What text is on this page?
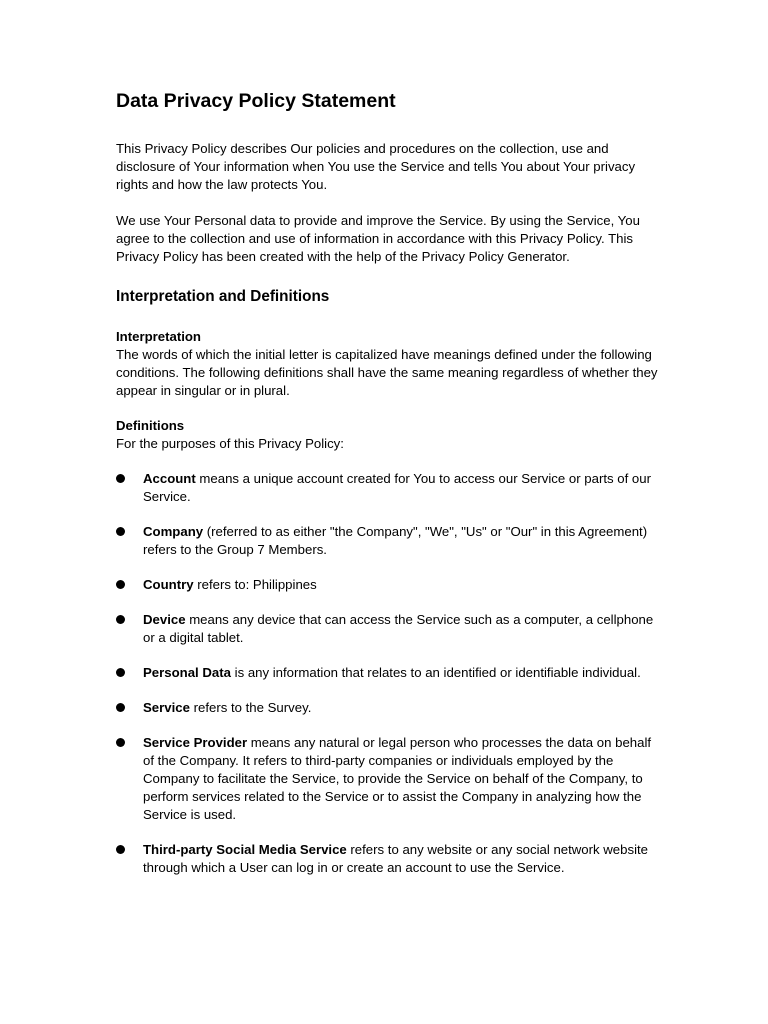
Data Privacy Policy Statement

This Privacy Policy describes Our policies and procedures on the collection, use and disclosure of Your information when You use the Service and tells You about Your privacy rights and how the law protects You.

We use Your Personal data to provide and improve the Service. By using the Service, You agree to the collection and use of information in accordance with this Privacy Policy. This Privacy Policy has been created with the help of the Privacy Policy Generator.

Interpretation and Definitions
Interpretation
The words of which the initial letter is capitalized have meanings defined under the following conditions. The following definitions shall have the same meaning regardless of whether they appear in singular or in plural.
Definitions
For the purposes of this Privacy Policy:
Account means a unique account created for You to access our Service or parts of our Service.
Company (referred to as either "the Company", "We", "Us" or "Our" in this Agreement) refers to the Group 7 Members.
Country refers to: Philippines
Device means any device that can access the Service such as a computer, a cellphone or a digital tablet.
Personal Data is any information that relates to an identified or identifiable individual.
Service refers to the Survey.
Service Provider means any natural or legal person who processes the data on behalf of the Company. It refers to third-party companies or individuals employed by the Company to facilitate the Service, to provide the Service on behalf of the Company, to perform services related to the Service or to assist the Company in analyzing how the Service is used.
Third-party Social Media Service refers to any website or any social network website through which a User can log in or create an account to use the Service.
